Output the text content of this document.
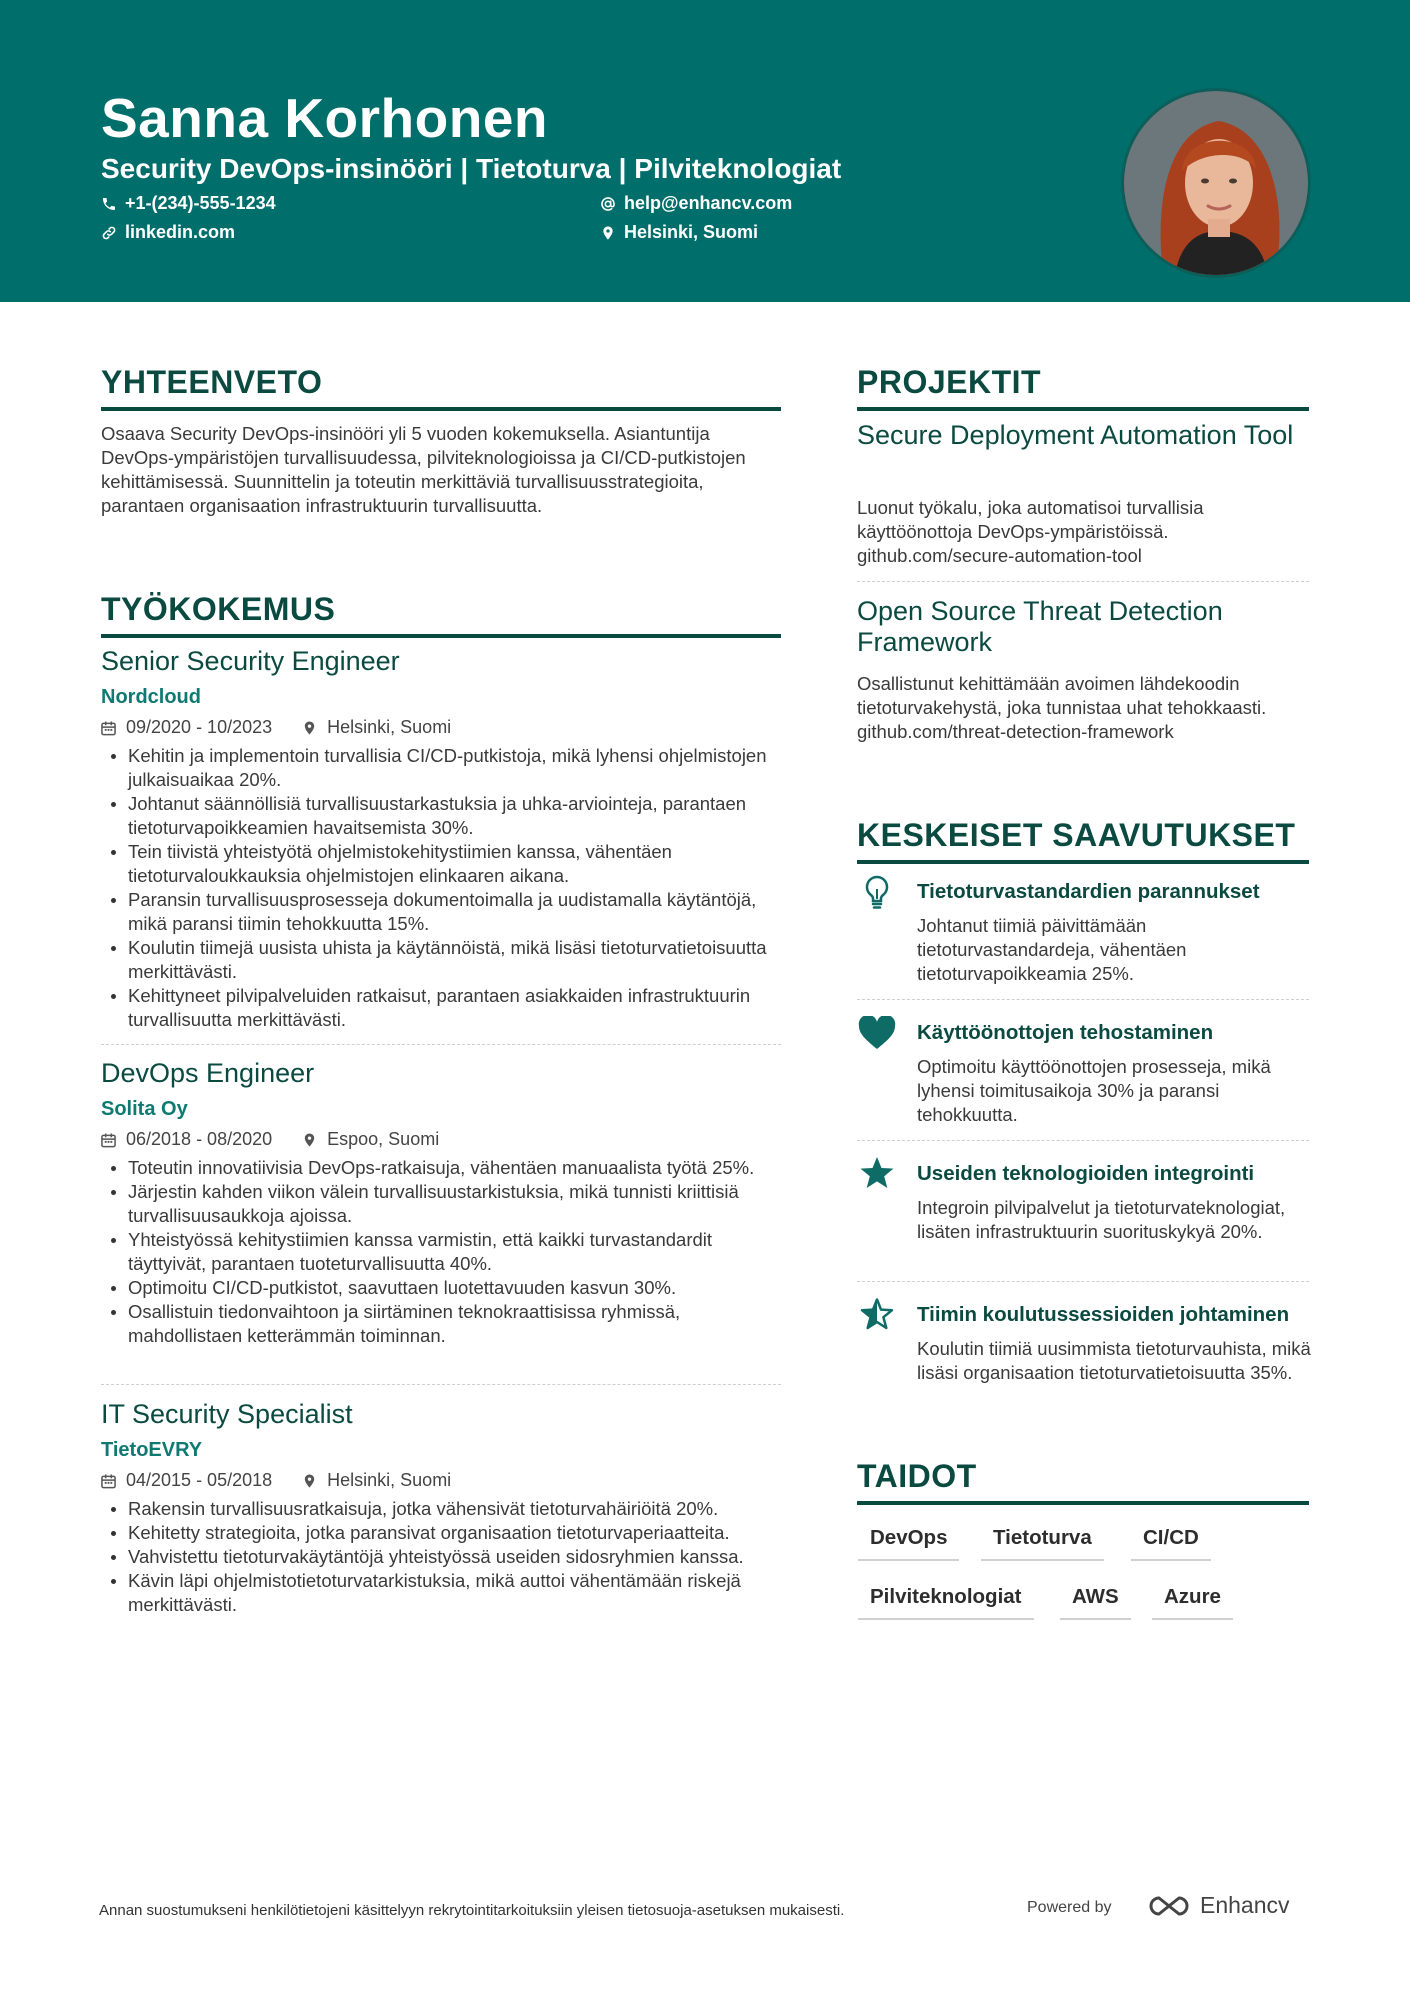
Sanna Korhonen
Security DevOps-insinööri | Tietoturva | Pilviteknologiat
+1-(234)-555-1234	help@enhancv.com
linkedin.com	Helsinki, Suomi
YHTEENVETO
Osaava Security DevOps-insinööri yli 5 vuoden kokemuksella. Asiantuntija DevOps-ympäristöjen turvallisuudessa, pilviteknologioissa ja CI/CD-putkistojen kehittämisessä. Suunnittelin ja toteutin merkittäviä turvallisuusstrategioita, parantaen organisaation infrastruktuurin turvallisuutta.
TYÖKOKEMUS
Senior Security Engineer
Nordcloud
09/2020 - 10/2023	Helsinki, Suomi
Kehitin ja implementoin turvallisia CI/CD-putkistoja, mikä lyhensi ohjelmistojen julkaisuaikaa 20%.
Johtanut säännöllisiä turvallisuustarkastuksia ja uhka-arviointeja, parantaen tietoturvapoikkeamien havaitsemista 30%.
Tein tiivistä yhteistyötä ohjelmistokehitystiimien kanssa, vähentäen tietoturvaloukkauksia ohjelmistojen elinkaaren aikana.
Paransin turvallisuusprosesseja dokumentoimalla ja uudistamalla käytäntöjä, mikä paransi tiimin tehokkuutta 15%.
Koulutin tiimejä uusista uhista ja käytännöistä, mikä lisäsi tietoturvatietoisuutta merkittävästi.
Kehittyneet pilvipalveluiden ratkaisut, parantaen asiakkaiden infrastruktuurin turvallisuutta merkittävästi.
DevOps Engineer
Solita Oy
06/2018 - 08/2020	Espoo, Suomi
Toteutin innovatiivisia DevOps-ratkaisuja, vähentäen manuaalista työtä 25%.
Järjestin kahden viikon välein turvallisuustarkistuksia, mikä tunnisti kriittisiä turvallisuusaukkoja ajoissa.
Yhteistyössä kehitystiimien kanssa varmistin, että kaikki turvastandardit täyttyivät, parantaen tuoteturvallisuutta 40%.
Optimoitu CI/CD-putkistot, saavuttaen luotettavuuden kasvun 30%.
Osallistuin tiedonvaihtoon ja siirtäminen teknokraattisissa ryhmissä, mahdollistaen ketterämmän toiminnan.
IT Security Specialist
TietoEVRY
04/2015 - 05/2018	Helsinki, Suomi
Rakensin turvallisuusratkaisuja, jotka vähensivät tietoturvahäiriöitä 20%.
Kehitetty strategioita, jotka paransivat organisaation tietoturvaperiaatteita.
Vahvistettu tietoturvakäytäntöjä yhteistyössä useiden sidosryhmien kanssa.
Kävin läpi ohjelmistotietoturvatarkistuksia, mikä auttoi vähentämään riskejä merkittävästi.
PROJEKTIT
Secure Deployment Automation Tool
Luonut työkalu, joka automatisoi turvallisia käyttöönottoja DevOps-ympäristöissä. github.com/secure-automation-tool
Open Source Threat Detection Framework
Osallistunut kehittämään avoimen lähdekoodin tietoturvakehystä, joka tunnistaa uhat tehokkaasti. github.com/threat-detection-framework
KESKEISET SAAVUTUKSET
Tietoturvastandardien parannukset
Johtanut tiimiä päivittämään tietoturvastandardeja, vähentäen tietoturvapoikkeamia 25%.
Käyttöönottojen tehostaminen
Optimoitu käyttöönottojen prosesseja, mikä lyhensi toimitusaikoja 30% ja paransi tehokkuutta.
Useiden teknologioiden integrointi
Integroin pilvipalvelut ja tietoturvateknologiat, lisäten infrastruktuurin suorituskykyä 20%.
Tiimin koulutussessioiden johtaminen
Koulutin tiimiä uusimmista tietoturvauhista, mikä lisäsi organisaation tietoturvatietoisuutta 35%.
TAIDOT
DevOps	Tietoturva	CI/CD
Pilviteknologiat	AWS	Azure
Annan suostumukseni henkilötietojeni käsittelyyn rekrytointitarkoituksiin yleisen tietosuoja-asetuksen mukaisesti.	Powered by	Enhancv
